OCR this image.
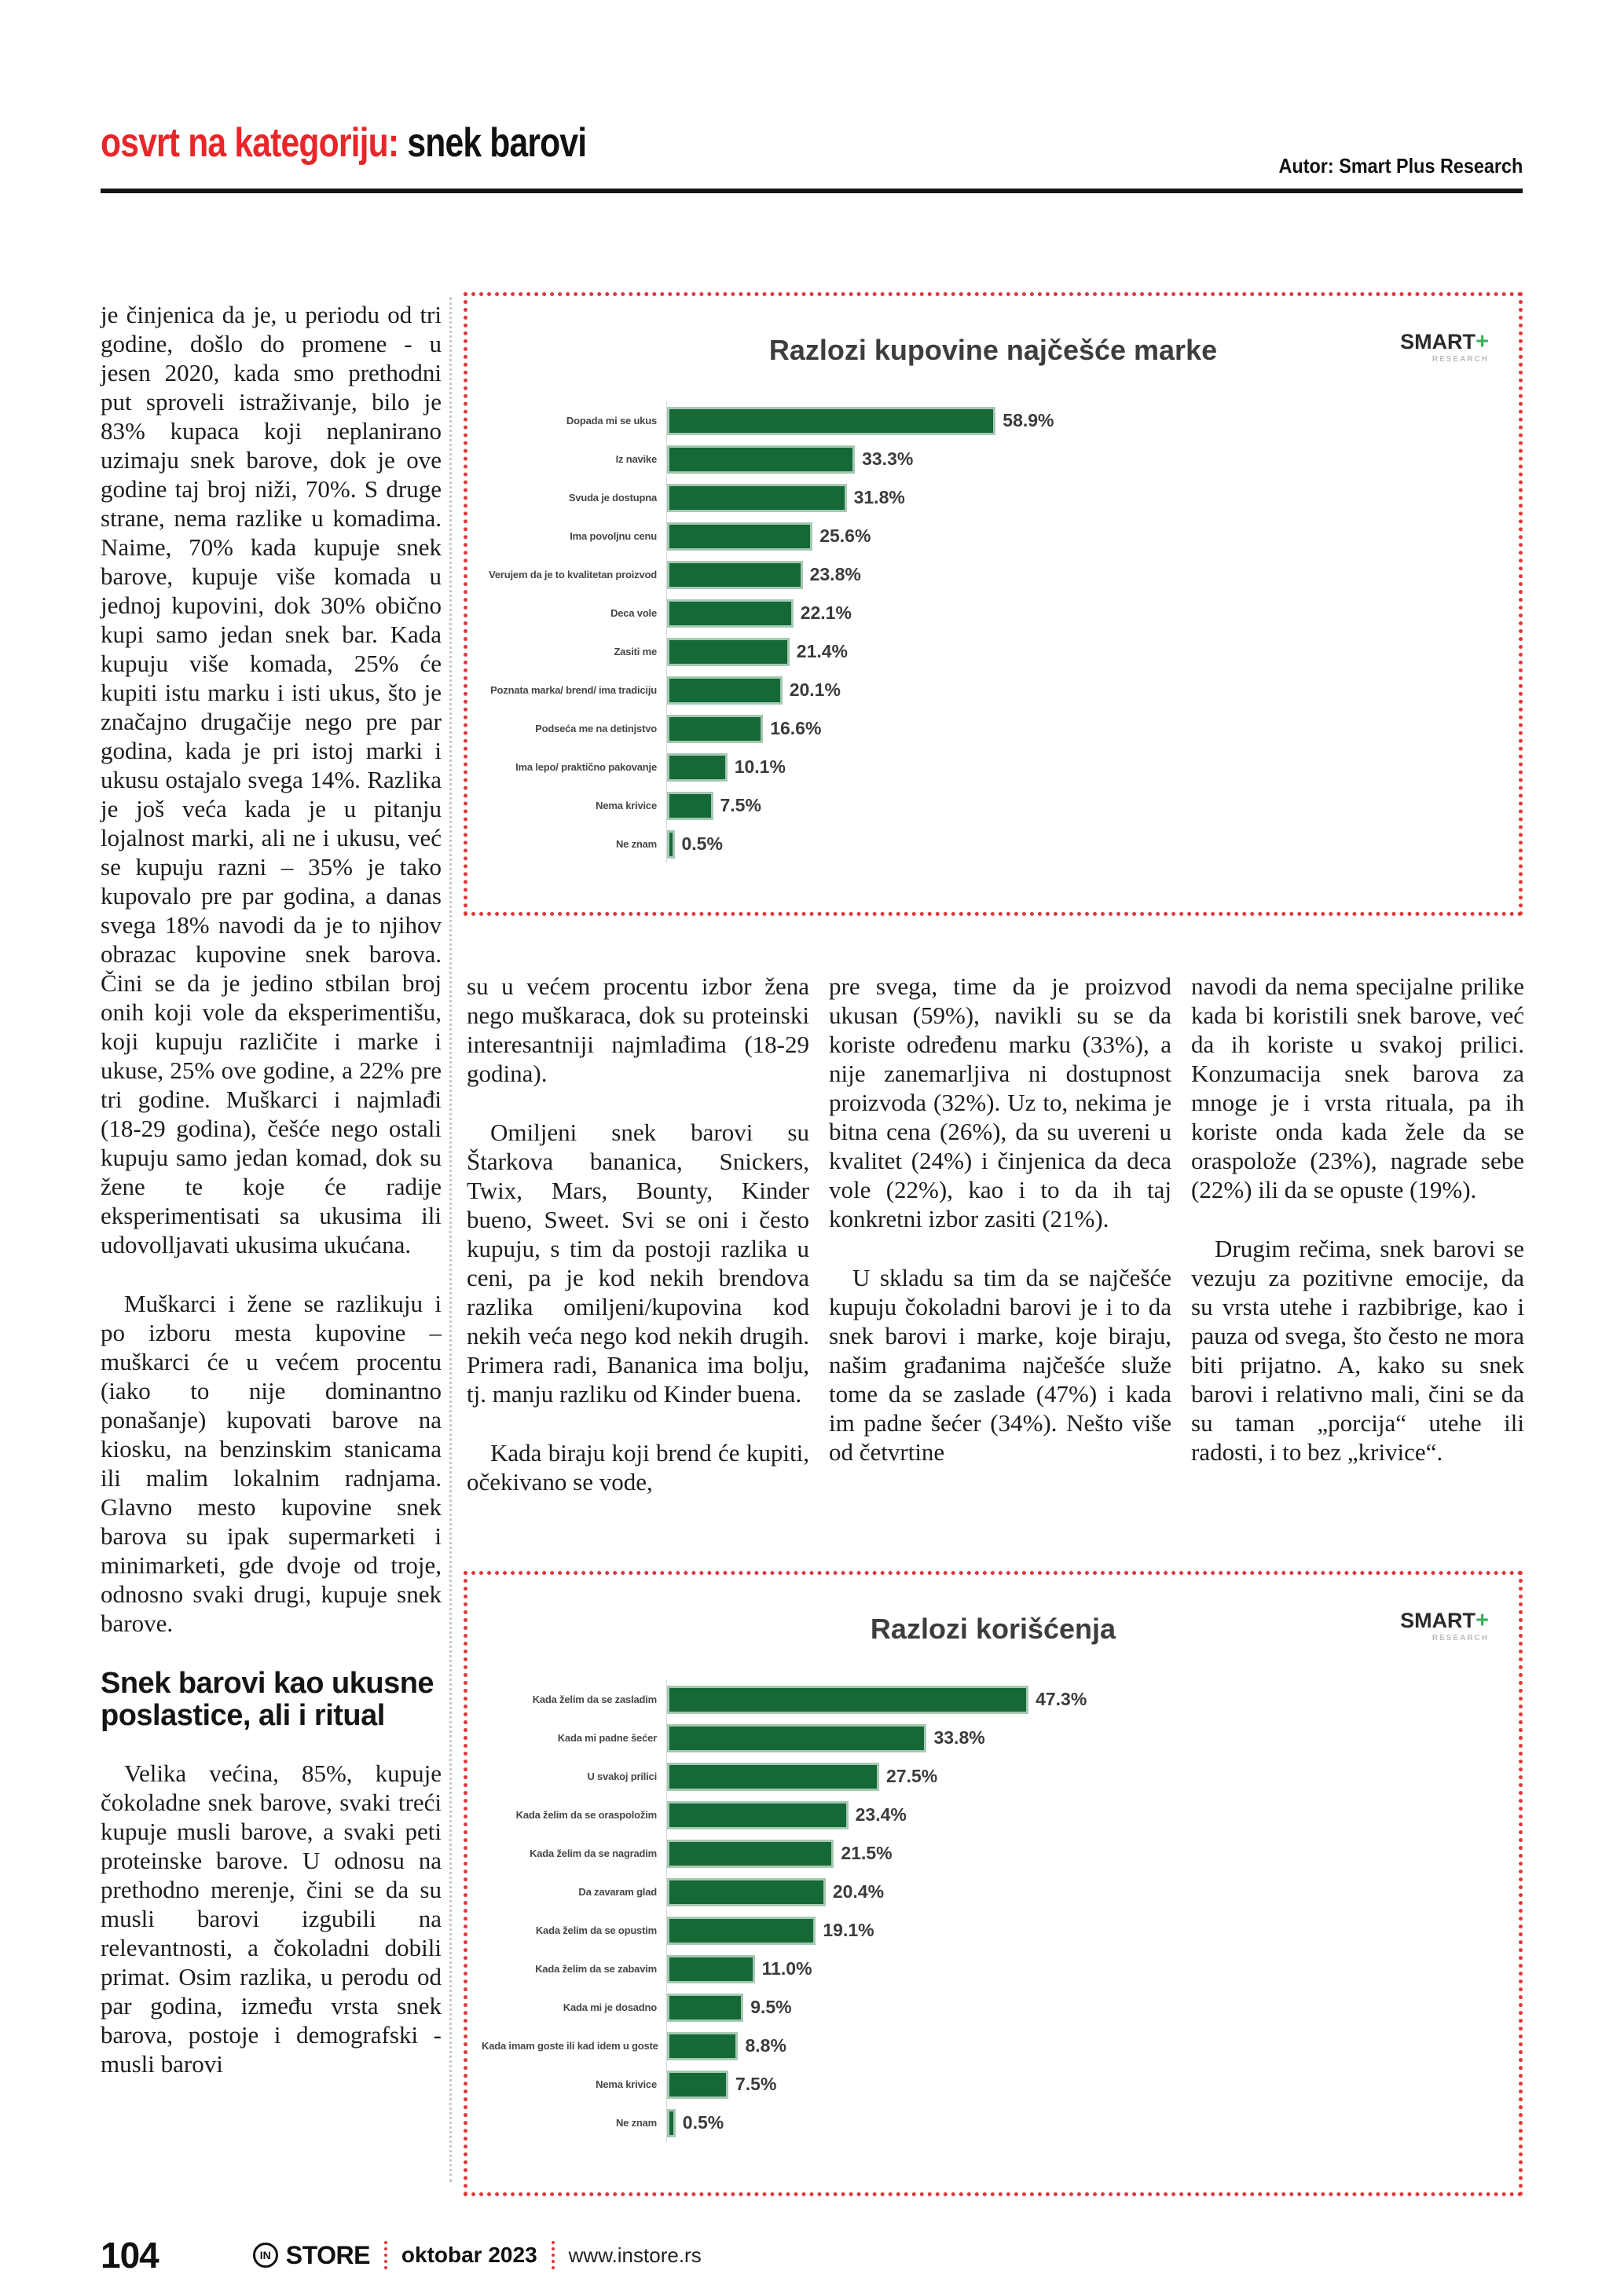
osvrt na kategoriju: snek barovi	Autor: Smart Plus Research

je činjenica da je, u periodu od tri godine, došlo do promene - u jesen 2020, kada smo prethodni put sproveli istraživanje, bilo je 83% kupaca koji neplanirano uzimaju snek barove, dok je ove godine taj broj niži, 70%. S druge strane, nema razlike u komadima. Naime, 70% kada kupuje snek barove, kupuje više komada u jednoj kupovini, dok 30% obično kupi samo jedan snek bar. Kada kupuju više komada, 25% će kupiti istu marku i isti ukus, što je značajno drugačije nego pre par godina, kada je pri istoj marki i ukusu ostajalo svega 14%. Razlika je još veća kada je u pitanju lojalnost marki, ali ne i ukusu, već se kupuju razni – 35% je tako kupovalo pre par godina, a danas svega 18% navodi da je to njihov obrazac kupovine snek barova. Čini se da je jedino stbilan broj onih koji vole da eksperimentišu, koji kupuju različite i marke i ukuse, 25% ove godine, a 22% pre tri godine. Muškarci i najmlađi (18-29 godina), češće nego ostali kupuju samo jedan komad, dok su žene te koje će radije eksperimentisati sa ukusima ili udovolljavati ukusima ukućana.

Muškarci i žene se razlikuju i po izboru mesta kupovine – muškarci će u većem procentu (iako to nije dominantno ponašanje) kupovati barove na kiosku, na benzinskim stanicama ili malim lokalnim radnjama. Glavno mesto kupovine snek barova su ipak supermarketi i minimarketi, gde dvoje od troje, odnosno svaki drugi, kupuje snek barove.

Snek barovi kao ukusne poslastice, ali i ritual

Velika većina, 85%, kupuje čokoladne snek barove, svaki treći kupuje musli barove, a svaki peti proteinske barove. U odnosu na prethodno merenje, čini se da su musli barovi izgubili na relevantnosti, a čokoladni dobili primat. Osim razlika, u perodu od par godina, između vrsta snek barova, postoje i demografski - musli barovi

Razlozi kupovine najčešće marke	SMART+
RESEARCH
Dopada mi se ukus	58.9%
Iz navike	33.3%
Svuda je dostupna	31.8%
Ima povoljnu cenu	25.6%
Verujem da je to kvalitetan proizvod	23.8%
Deca vole	22.1%
Zasiti me	21.4%
Poznata marka/ brend/ ima tradiciju	20.1%
Podseća me na detinjstvo	16.6%
Ima lepo/ praktično pakovanje	10.1%
Nema krivice	7.5%
Ne znam	0.5%

su u većem procentu izbor žena nego muškaraca, dok su proteinski interesantniji najmlađima (18-29 godina).

Omiljeni snek barovi su Štarkova bananica, Snickers, Twix, Mars, Bounty, Kinder bueno, Sweet. Svi se oni i često kupuju, s tim da postoji razlika u ceni, pa je kod nekih brendova razlika omiljeni/kupovina kod nekih veća nego kod nekih drugih. Primera radi, Bananica ima bolju, tj. manju razliku od Kinder buena.

Kada biraju koji brend će kupiti, očekivano se vode,

pre svega, time da je proizvod ukusan (59%), navikli su se da koriste određenu marku (33%), a nije zanemarljiva ni dostupnost proizvoda (32%). Uz to, nekima je bitna cena (26%), da su uvereni u kvalitet (24%) i činjenica da deca vole (22%), kao i to da ih taj konkretni izbor zasiti (21%).

U skladu sa tim da se najčešće kupuju čokoladni barovi je i to da snek barovi i marke, koje biraju, našim građanima najčešće služe tome da se zaslade (47%) i kada im padne šećer (34%). Nešto više od četvrtine

navodi da nema specijalne prilike kada bi koristili snek barove, već da ih koriste u svakoj prilici. Konzumacija snek barova za mnoge je i vrsta rituala, pa ih koriste onda kada žele da se oraspolože (23%), nagrade sebe (22%) ili da se opuste (19%).

Drugim rečima, snek barovi se vezuju za pozitivne emocije, da su vrsta utehe i razbibrige, kao i pauza od svega, što često ne mora biti prijatno. A, kako su snek barovi i relativno mali, čini se da su taman „porcija“ utehe ili radosti, i to bez „krivice“.

Razlozi korišćenja	SMART+
RESEARCH
Kada želim da se zasladim	47.3%
Kada mi padne šećer	33.8%
U svakoj prilici	27.5%
Kada želim da se oraspoložim	23.4%
Kada želim da se nagradim	21.5%
Da zavaram glad	20.4%
Kada želim da se opustim	19.1%
Kada želim da se zabavim	11.0%
Kada mi je dosadno	9.5%
Kada imam goste ili kad idem u goste	8.8%
Nema krivice	7.5%
Ne znam	0.5%
104	IN STORE oktobar 2023 www.instore.rs
